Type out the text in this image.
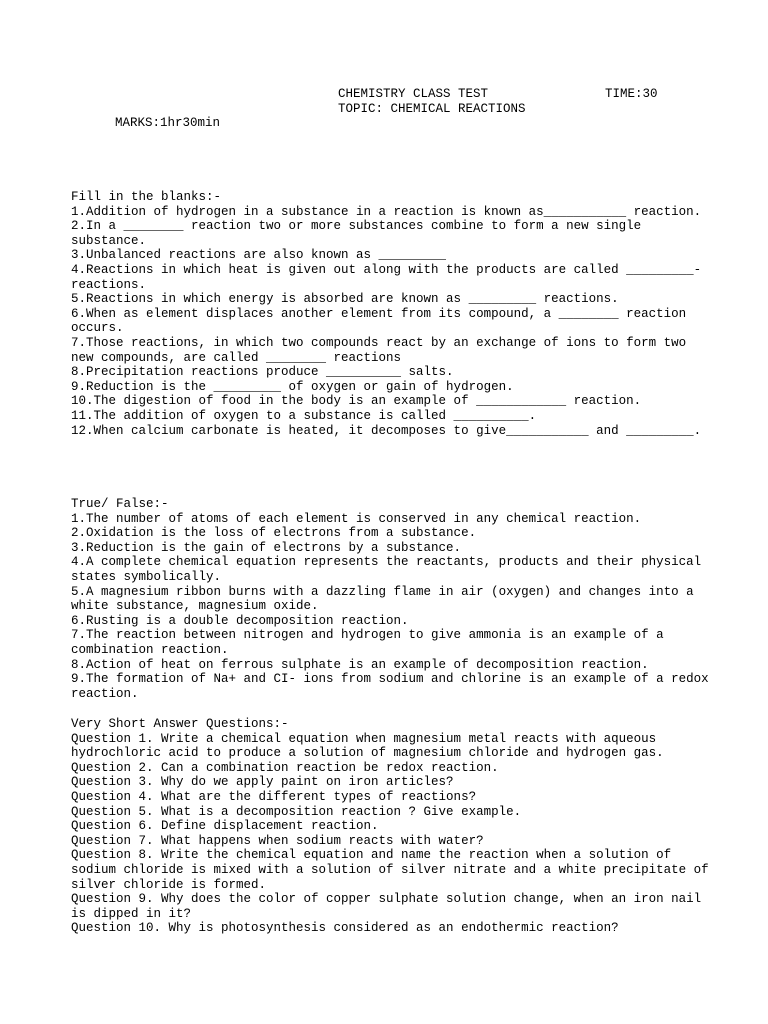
CHEMISTRY CLASS TEST	TIME:30
TOPIC: CHEMICAL REACTIONS
MARKS:1hr30min
Fill in the blanks:-
1.Addition of hydrogen in a substance in a reaction is known as___________ reaction.
2.In a ________ reaction two or more substances combine to form a new single substance.
3.Unbalanced reactions are also known as _________
4.Reactions in which heat is given out along with the products are called _________- reactions.
5.Reactions in which energy is absorbed are known as _________ reactions.
6.When as element displaces another element from its compound, a ________ reaction occurs.
7.Those reactions, in which two compounds react by an exchange of ions to form two new compounds, are called ________ reactions
8.Precipitation reactions produce __________ salts.
9.Reduction is the _________ of oxygen or gain of hydrogen.
10.The digestion of food in the body is an example of ____________ reaction.
11.The addition of oxygen to a substance is called __________.
12.When calcium carbonate is heated, it decomposes to give___________ and _________.
True/ False:-
1.The number of atoms of each element is conserved in any chemical reaction.
2.Oxidation is the loss of electrons from a substance.
3.Reduction is the gain of electrons by a substance.
4.A complete chemical equation represents the reactants, products and their physical states symbolically.
5.A magnesium ribbon burns with a dazzling flame in air (oxygen) and changes into a white substance, magnesium oxide.
6.Rusting is a double decomposition reaction.
7.The reaction between nitrogen and hydrogen to give ammonia is an example of a combination reaction.
8.Action of heat on ferrous sulphate is an example of decomposition reaction.
9.The formation of Na+ and CI- ions from sodium and chlorine is an example of a redox reaction.
Very Short Answer Questions:-
Question 1. Write a chemical equation when magnesium metal reacts with aqueous hydrochloric acid to produce a solution of magnesium chloride and hydrogen gas.
Question 2. Can a combination reaction be redox reaction.
Question 3. Why do we apply paint on iron articles?
Question 4. What are the different types of reactions?
Question 5. What is a decomposition reaction ? Give example.
Question 6. Define displacement reaction.
Question 7. What happens when sodium reacts with water?
Question 8. Write the chemical equation and name the reaction when a solution of sodium chloride is mixed with a solution of silver nitrate and a white precipitate of silver chloride is formed.
Question 9. Why does the color of copper sulphate solution change, when an iron nail is dipped in it?
Question 10. Why is photosynthesis considered as an endothermic reaction?
